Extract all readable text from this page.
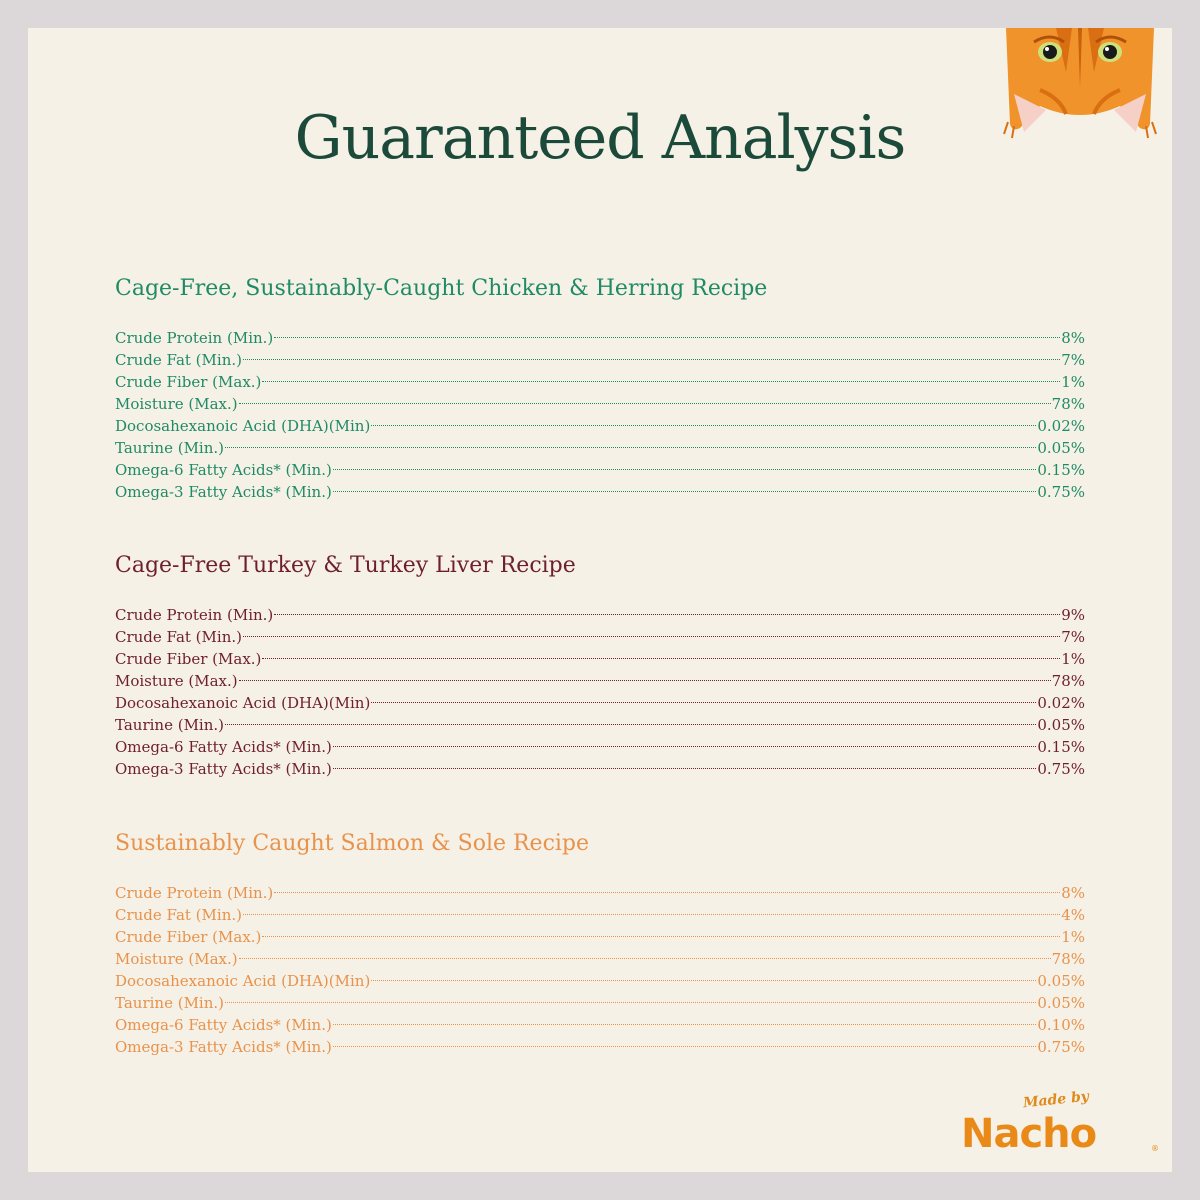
Guaranteed Analysis
Cage-Free, Sustainably-Caught Chicken & Herring Recipe
Crude Protein (Min.)	8%
Crude Fat (Min.)	7%
Crude Fiber (Max.)	1%
Moisture (Max.)	78%
Docosahexanoic Acid (DHA)(Min)	0.02%
Taurine (Min.)	0.05%
Omega-6 Fatty Acids* (Min.)	0.15%
Omega-3 Fatty Acids* (Min.)	0.75%
Cage-Free Turkey & Turkey Liver Recipe
Crude Protein (Min.)	9%
Crude Fat (Min.)	7%
Crude Fiber (Max.)	1%
Moisture (Max.)	78%
Docosahexanoic Acid (DHA)(Min)	0.02%
Taurine (Min.)	0.05%
Omega-6 Fatty Acids* (Min.)	0.15%
Omega-3 Fatty Acids* (Min.)	0.75%
Sustainably Caught Salmon & Sole Recipe
Crude Protein (Min.)	8%
Crude Fat (Min.)	4%
Crude Fiber (Max.)	1%
Moisture (Max.)	78%
Docosahexanoic Acid (DHA)(Min)	0.05%
Taurine (Min.)	0.05%
Omega-6 Fatty Acids* (Min.)	0.10%
Omega-3 Fatty Acids* (Min.)	0.75%
Made by
Nacho	®
